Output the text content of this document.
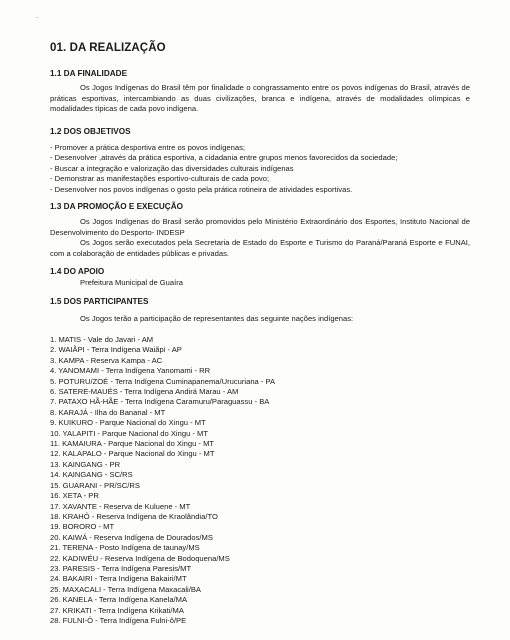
-
01. DA REALIZAÇÃO
1.1 DA FINALIDADE
Os Jogos Indígenas do Brasil têm por finalidade o congrassamento entre os povos indígenas do Brasil, através de práticas esportivas, intercambiando as duas civilizações, branca e indígena, através de modalidades olímpicas e modalidades típicas de cada povo indígena.
1.2 DOS OBJETIVOS
- Promover a prática desportiva entre os povos indígenas;
- Desenvolver ,através da prática esportiva, a cidadania entre grupos menos favorecidos da sociedade;
- Buscar a integração e valorização das diversidades culturais indígenas
- Demonstrar as manifestações esportivo-culturais de cada povo;
- Desenvolver nos povos indígenas o gosto pela prática rotineira de atividades esportivas.
1.3 DA PROMOÇÃO E EXECUÇÃO
Os Jogos Indígenas do Brasil serão promovidos pelo Ministério Extraordinário dos Esportes, Instituto Nacional de Desenvolvimento do Desporto- INDESP
Os Jogos serão executados pela Secretaria de Estado do Esporte e Turismo do Paraná/Paraná Esporte e FUNAI, com a colaboração de entidades públicas e privadas.
1.4 DO APOIO
Prefeitura Municipal de Guaíra
1.5 DOS PARTICIPANTES
Os Jogos terão a participação de representantes das seguinte nações indígenas:
1. MATIS - Vale do Javari - AM
2. WAIÃPI - Terra Indígena Waiãpi - AP
3. KAMPA - Reserva Kampa - AC
4. YANOMAMI - Terra Indígena Yanomami - RR
5. POTURU/ZOÉ - Terra Indígena Cuminapanema/Urucuriana - PA
6. SATERE-MAUÉS - Terra Indígena Andirá Marau - AM
7. PATAXO HÃ-HÃE - Terra Indígena Caramuru/Paraguassu - BA
8. KARAJÁ - Ilha do Bananal - MT
9. KUIKURO - Parque Nacional do Xingu - MT
10. YALAPITI - Parque Nacional do Xingu - MT
11. KAMAIURA - Parque Nacional do Xingu - MT
12. KALAPALO - Parque Nacional do Xingu - MT
13. KAINGANG - PR
14. KAINGANG - SC/RS
15. GUARANI - PR/SC/RS
16. XETA - PR
17. XAVANTE - Reserva de Kuluene - MT
18. KRAHÔ - Reserva Indígena de Kraolândia/TO
19. BORORO - MT
20. KAIWÁ - Reserva Indígena de Dourados/MS
21. TERENA - Posto Indígena de taunay/MS
22. KADIWÉU - Reserva Indígena de Bodoquena/MS
23. PARESIS - Terra Indígena Paresis/MT
24. BAKAIRI - Terra Indígena Bakairi/MT
25. MAXACALI - Terra Indígena Maxacali/BA
26. KANELA - Terra Indígena Kanela/MA
27. KRIKATI - Terra Indígena Krikati/MA
28. FULNI-Ô - Terra Indígena Fulni-ô/PE
